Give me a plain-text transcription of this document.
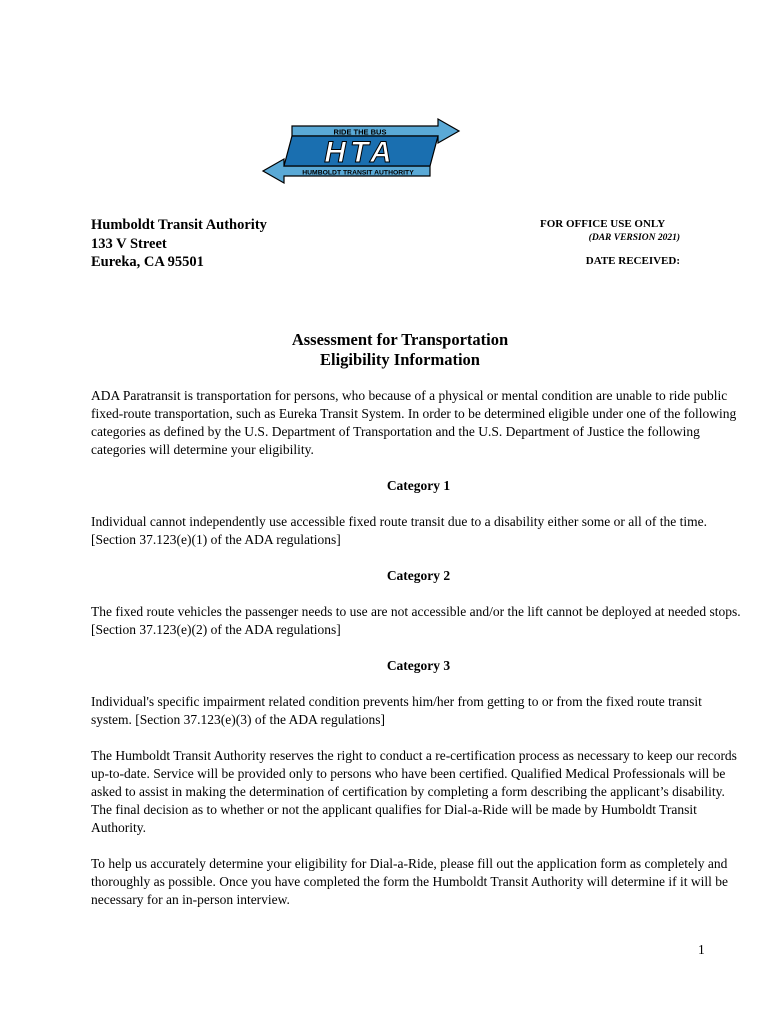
RIDE THE BUS
HTA
HUMBOLDT TRANSIT AUTHORITY
Humboldt Transit Authority
133 V Street
Eureka, CA 95501
FOR OFFICE USE ONLY
(DAR VERSION 2021)
DATE RECEIVED:
Assessment for Transportation
Eligibility Information

ADA Paratransit is transportation for persons, who because of a physical or mental condition are unable to ride public fixed-route transportation, such as Eureka Transit System. In order to be determined eligible under one of the following categories as defined by the U.S. Department of Transportation and the U.S. Department of Justice the following categories will determine your eligibility.

Category 1

Individual cannot independently use accessible fixed route transit due to a disability either some or all of the time. [Section 37.123(e)(1) of the ADA regulations]

Category 2

The fixed route vehicles the passenger needs to use are not accessible and/or the lift cannot be deployed at needed stops. [Section 37.123(e)(2) of the ADA regulations]

Category 3

Individual's specific impairment related condition prevents him/her from getting to or from the fixed route transit system. [Section 37.123(e)(3) of the ADA regulations]

The Humboldt Transit Authority reserves the right to conduct a re-certification process as necessary to keep our records up-to-date. Service will be provided only to persons who have been certified. Qualified Medical Professionals will be asked to assist in making the determination of certification by completing a form describing the applicant’s disability. The final decision as to whether or not the applicant qualifies for Dial-a-Ride will be made by Humboldt Transit Authority.

To help us accurately determine your eligibility for Dial-a-Ride, please fill out the application form as completely and thoroughly as possible. Once you have completed the form the Humboldt Transit Authority will determine if it will be necessary for an in-person interview.

1
